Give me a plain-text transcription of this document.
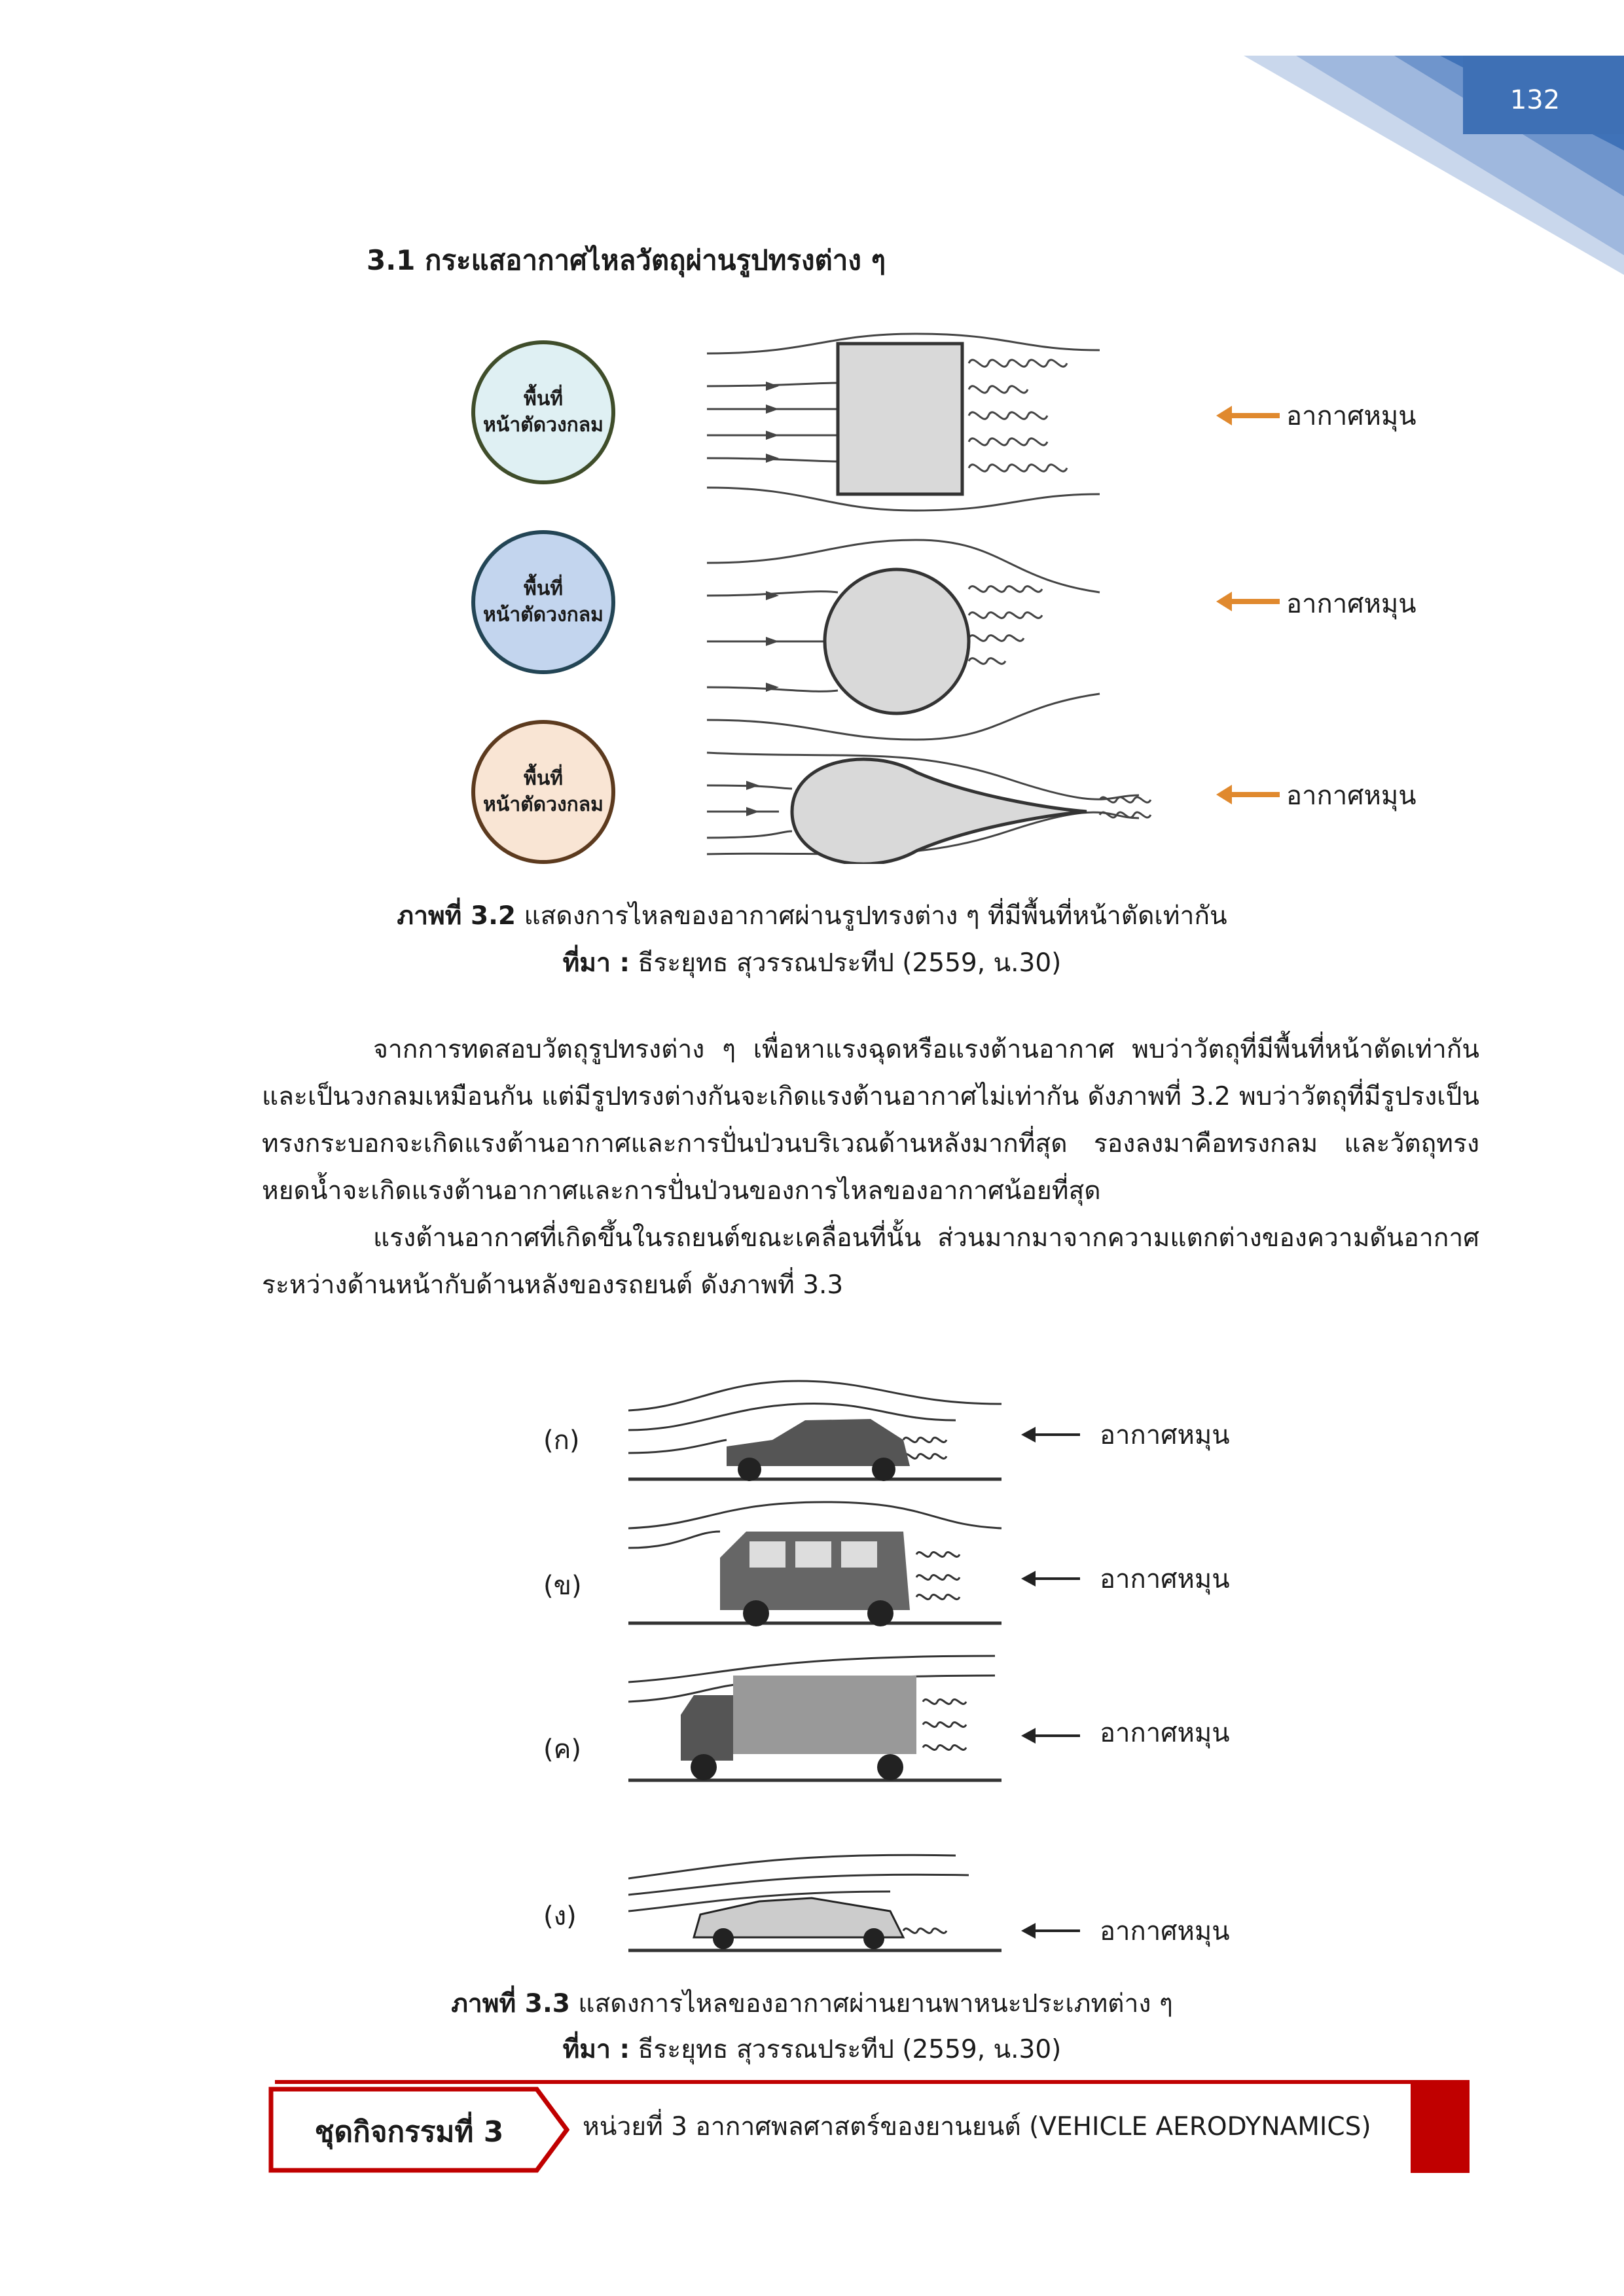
132
3.1 กระแสอากาศไหลวัตถุผ่านรูปทรงต่าง ๆ
พื้นที่
หน้าตัดวงกลม
พื้นที่
หน้าตัดวงกลม
พื้นที่
หน้าตัดวงกลม
อากาศหมุน
อากาศหมุน
อากาศหมุน
ภาพที่ 3.2 แสดงการไหลของอากาศผ่านรูปทรงต่าง ๆ ที่มีพื้นที่หน้าตัดเท่ากัน
ที่มา : ธีระยุทธ สุวรรณประทีป (2559, น.30)

จากการทดสอบวัตถุรูปทรงต่าง ๆ เพื่อหาแรงฉุดหรือแรงต้านอากาศ พบว่าวัตถุที่มีพื้นที่หน้าตัดเท่ากันและเป็นวงกลมเหมือนกัน แต่มีรูปทรงต่างกันจะเกิดแรงต้านอากาศไม่เท่ากัน ดังภาพที่ 3.2 พบว่าวัตถุที่มีรูปรงเป็นทรงกระบอกจะเกิดแรงต้านอากาศและการปั่นป่วนบริเวณด้านหลังมากที่สุด รองลงมาคือทรงกลม และวัตถุทรงหยดน้ำจะเกิดแรงต้านอากาศและการปั่นป่วนของการไหลของอากาศน้อยที่สุด

แรงต้านอากาศที่เกิดขึ้นในรถยนต์ขณะเคลื่อนที่นั้น ส่วนมากมาจากความแตกต่างของความดันอากาศระหว่างด้านหน้ากับด้านหลังของรถยนต์ ดังภาพที่ 3.3

(ก)
(ข)
(ค)
(ง)
อากาศหมุน
อากาศหมุน
อากาศหมุน
อากาศหมุน
ภาพที่ 3.3 แสดงการไหลของอากาศผ่านยานพาหนะประเภทต่าง ๆ
ที่มา : ธีระยุทธ สุวรรณประทีป (2559, น.30)
ชุดกิจกรรมที่ 3	หน่วยที่ 3 อากาศพลศาสตร์ของยานยนต์ (VEHICLE AERODYNAMICS)
